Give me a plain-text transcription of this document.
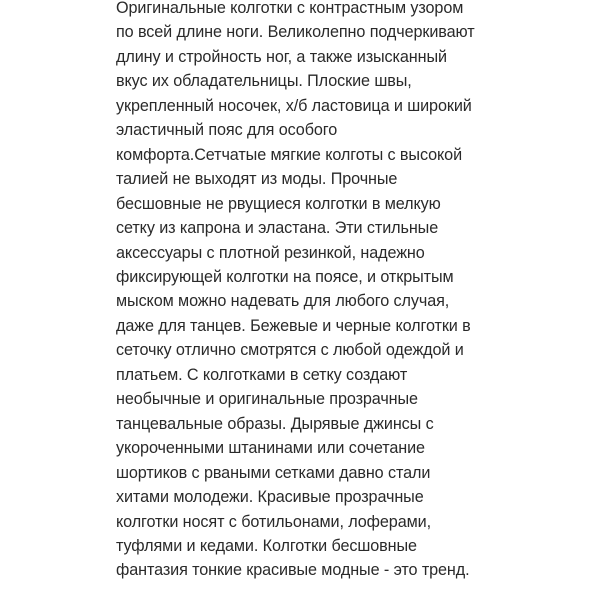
Оригинальные колготки с контрастным узором
по всей длине ноги. Великолепно подчеркивают
длину и стройность ног, а также изысканный
вкус их обладательницы. Плоские швы,
укрепленный носочек, х/б ластовица и широкий
эластичный пояс для особого
комфорта.Сетчатые мягкие колготы с высокой
талией не выходят из моды. Прочные
бесшовные не рвущиеся колготки в мелкую
сетку из капрона и эластана. Эти стильные
аксессуары с плотной резинкой, надежно
фиксирующей колготки на поясе, и открытым
мыском можно надевать для любого случая,
даже для танцев. Бежевые и черные колготки в
сеточку отлично смотрятся с любой одеждой и
платьем. С колготками в сетку создают
необычные и оригинальные прозрачные
танцевальные образы. Дырявые джинсы с
укороченными штанинами или сочетание
шортиков с рваными сетками давно стали
хитами молодежи. Красивые прозрачные
колготки носят с ботильонами, лоферами,
туфлями и кедами. Колготки бесшовные
фантазия тонкие красивые модные - это тренд.
